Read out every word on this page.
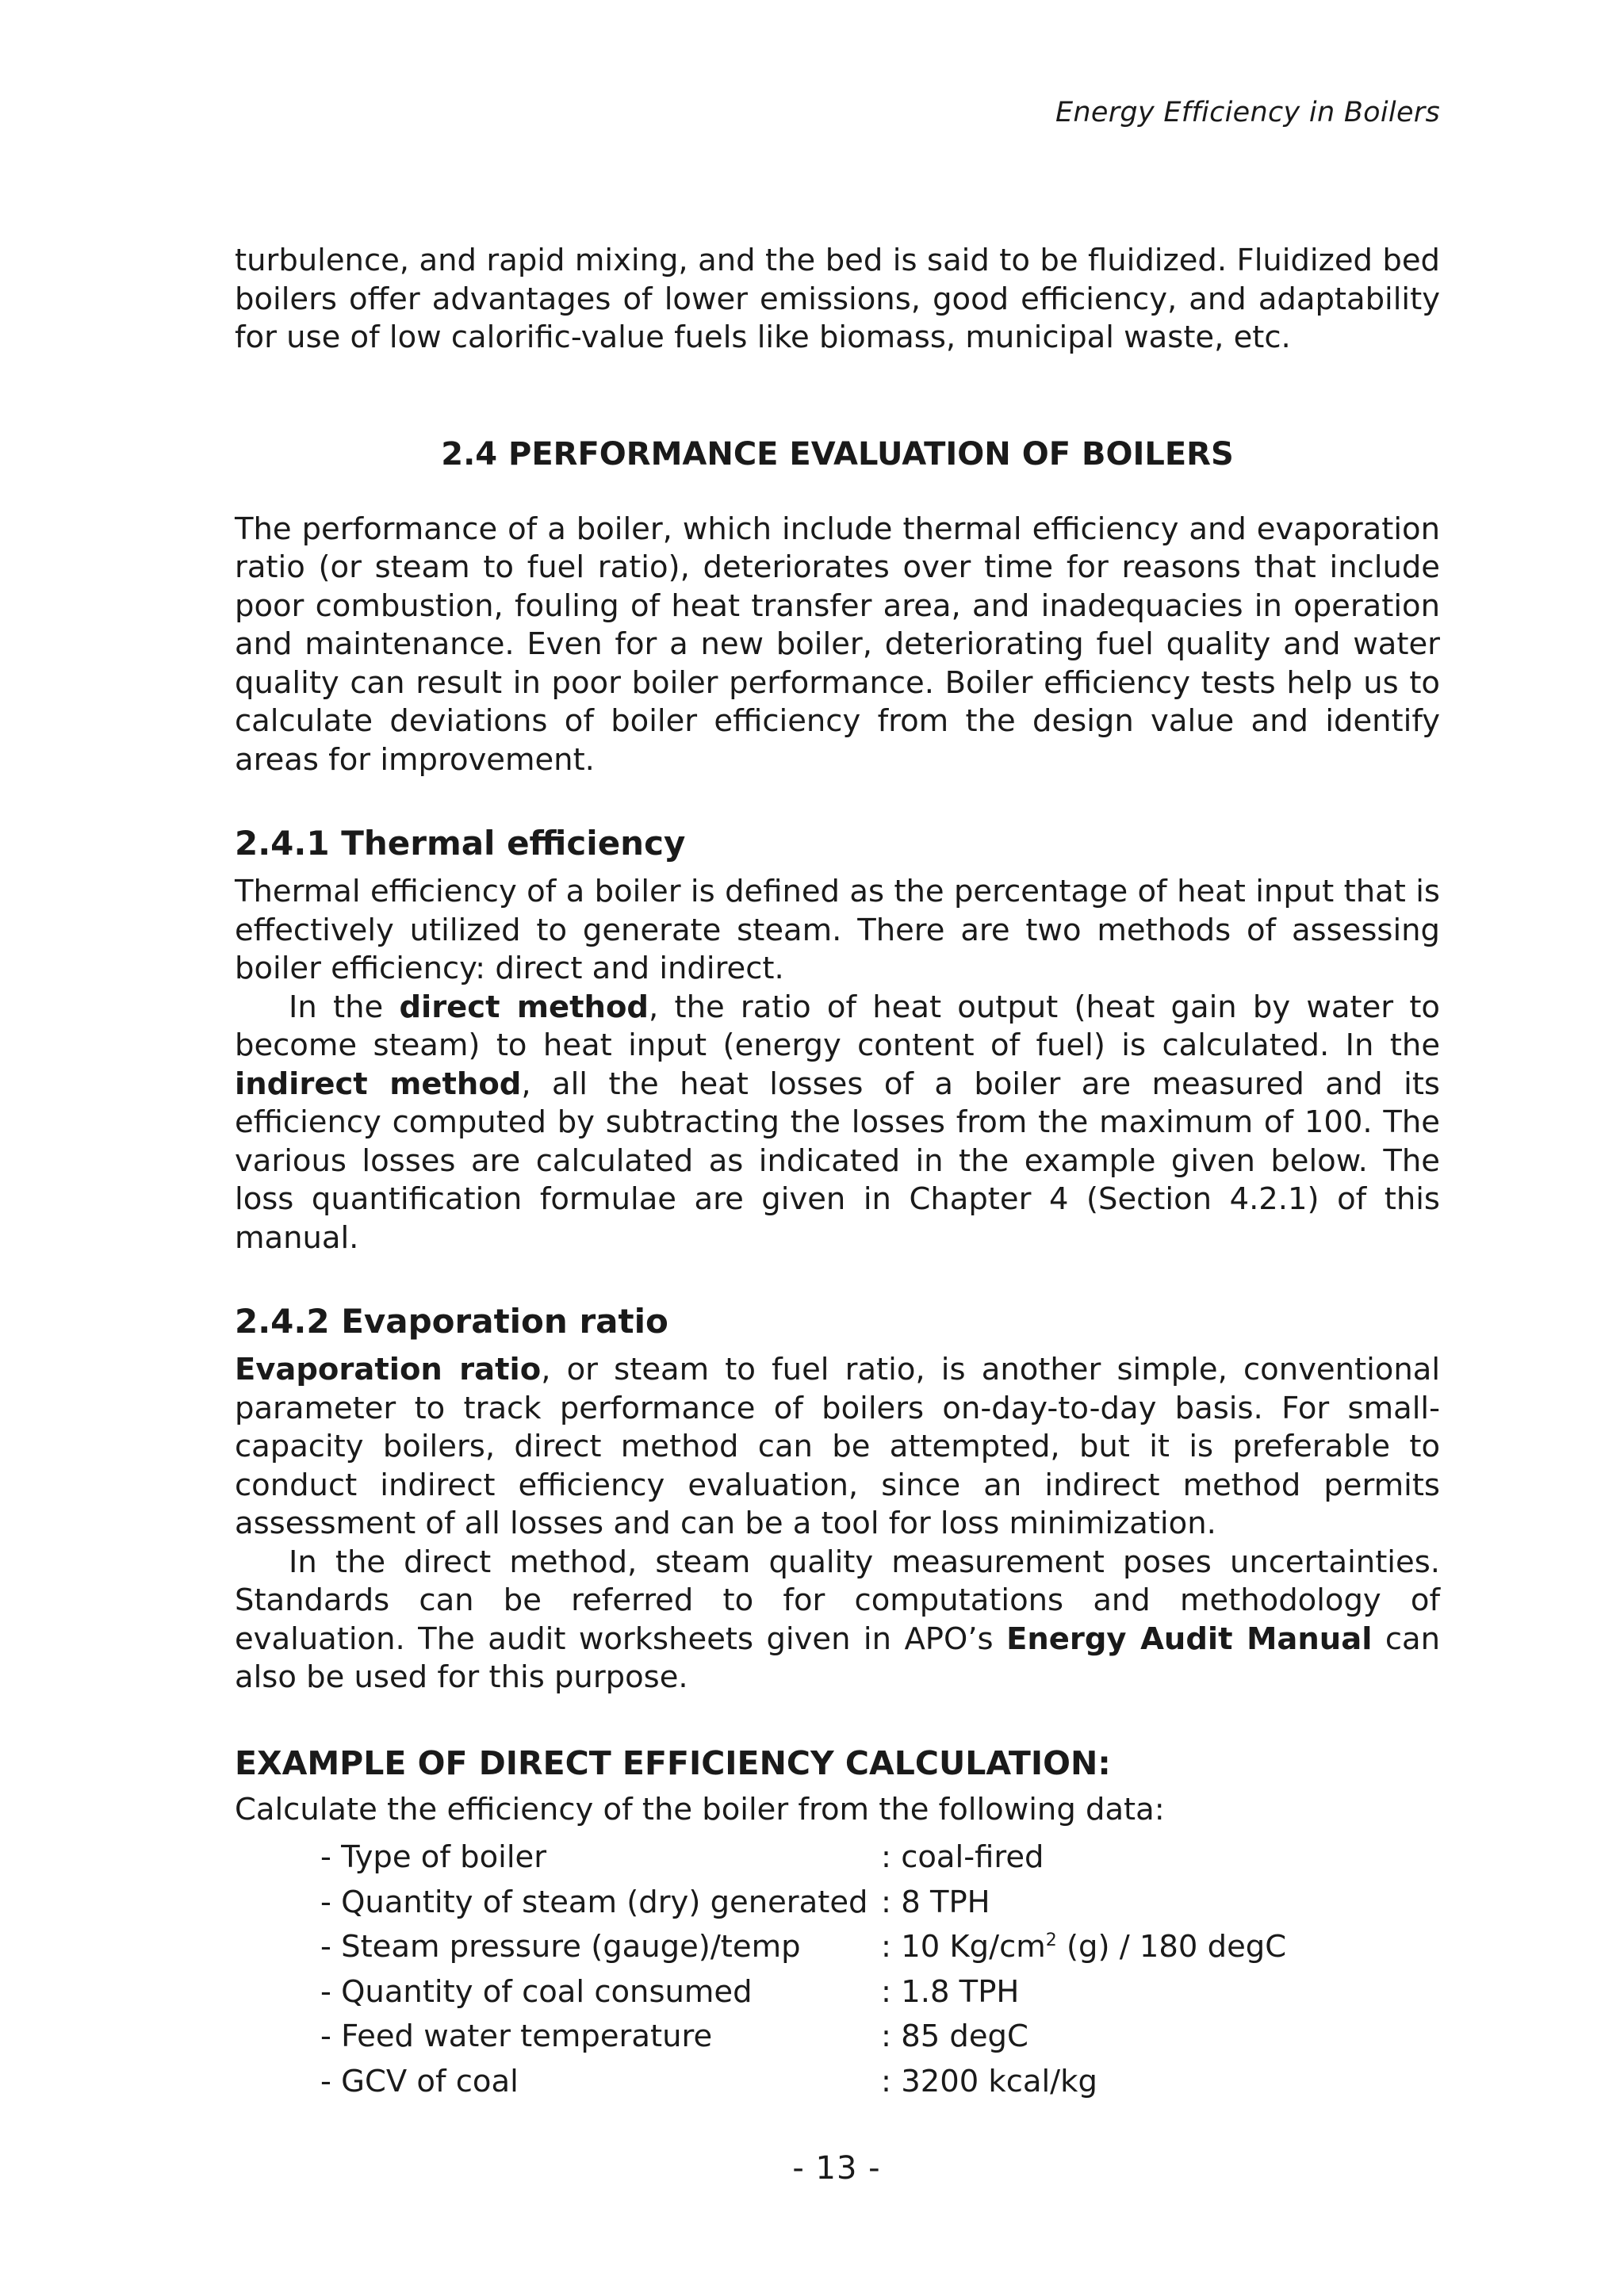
Energy Efficiency in Boilers

turbulence, and rapid mixing, and the bed is said to be fluidized. Fluidized bed boilers offer advantages of lower emissions, good efficiency, and adaptability for use of low calorific-value fuels like biomass, municipal waste, etc.

2.4 PERFORMANCE EVALUATION OF BOILERS

The performance of a boiler, which include thermal efficiency and evaporation ratio (or steam to fuel ratio), deteriorates over time for reasons that include poor combustion, fouling of heat transfer area, and inadequacies in operation and maintenance. Even for a new boiler, deteriorating fuel quality and water quality can result in poor boiler performance. Boiler efficiency tests help us to calculate deviations of boiler efficiency from the design value and identify areas for improvement.

2.4.1 Thermal efficiency

Thermal efficiency of a boiler is defined as the percentage of heat input that is effectively utilized to generate steam. There are two methods of assessing boiler efficiency: direct and indirect.

In the direct method, the ratio of heat output (heat gain by water to become steam) to heat input (energy content of fuel) is calculated. In the indirect method, all the heat losses of a boiler are measured and its efficiency computed by subtracting the losses from the maximum of 100. The various losses are calculated as indicated in the example given below. The loss quantification formulae are given in Chapter 4 (Section 4.2.1) of this manual.

2.4.2 Evaporation ratio

Evaporation ratio, or steam to fuel ratio, is another simple, conventional parameter to track performance of boilers on-day-to-day basis. For small-capacity boilers, direct method can be attempted, but it is preferable to conduct indirect efficiency evaluation, since an indirect method permits assessment of all losses and can be a tool for loss minimization.

In the direct method, steam quality measurement poses uncertainties. Standards can be referred to for computations and methodology of evaluation. The audit worksheets given in APO’s Energy Audit Manual can also be used for this purpose.

EXAMPLE OF DIRECT EFFICIENCY CALCULATION:

Calculate the efficiency of the boiler from the following data:

- Type of boiler	: coal-fired
- Quantity of steam (dry) generated : 8 TPH
- Steam pressure (gauge)/temp	: 10 $Kg/cm^2$ (g) / 180 degC
- Quantity of coal consumed	: 1.8 TPH
- Feed water temperature	: 85 degC
- GCV of coal	: 3200 kcal/kg
- 13 -
